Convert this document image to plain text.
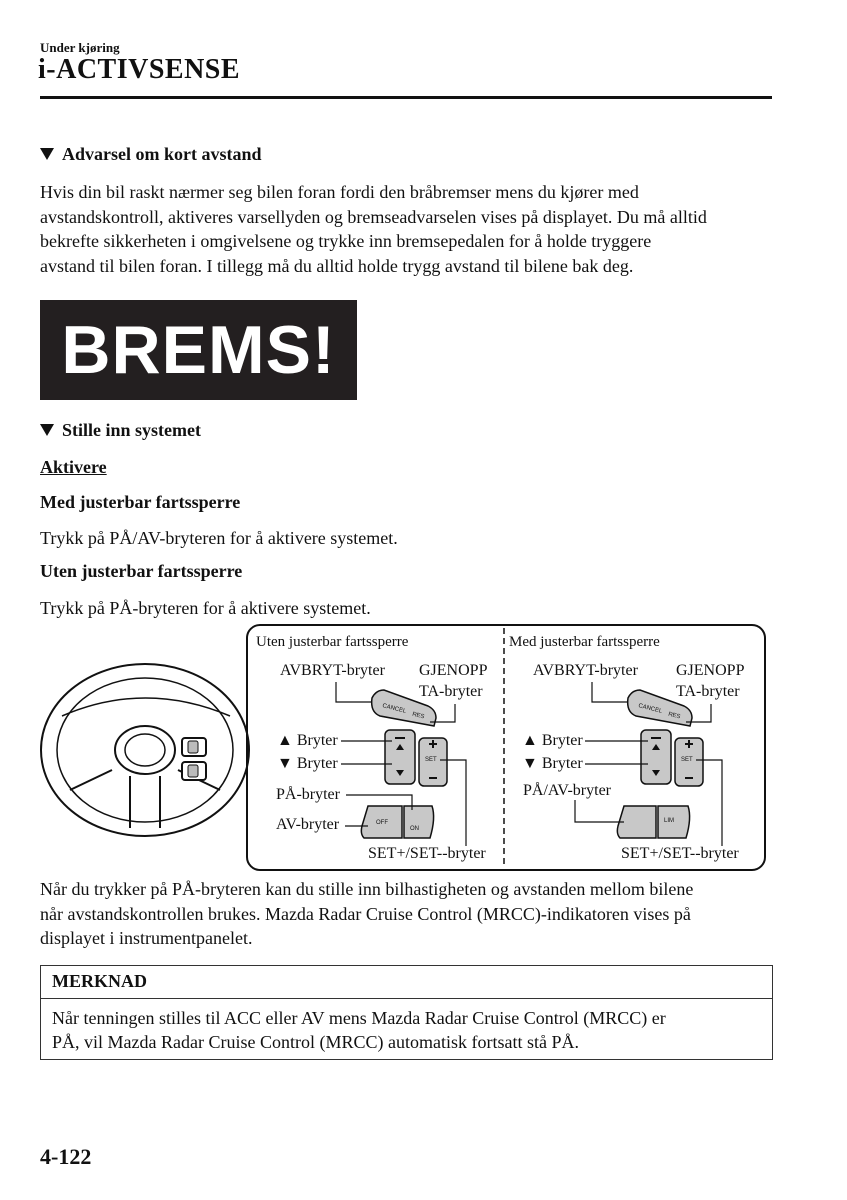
Under kjøring
i-ACTIVSENSE
Advarsel om kort avstand
Hvis din bil raskt nærmer seg bilen foran fordi den bråbremser mens du kjører med
avstandskontroll, aktiveres varsellyden og bremseadvarselen vises på displayet. Du må alltid
bekrefte sikkerheten i omgivelsene og trykke inn bremsepedalen for å holde tryggere
avstand til bilen foran. I tillegg må du alltid holde trygg avstand til bilene bak deg.
BREMS!
Stille inn systemet
Aktivere
Med justerbar fartssperre
Trykk på PÅ/AV-bryteren for å aktivere systemet.
Uten justerbar fartssperre
Trykk på PÅ-bryteren for å aktivere systemet.
Uten justerbar fartssperre
AVBRYT-bryter GJENOPP
TA-bryter
▲ Bryter
▼ Bryter
PÅ-bryter
AV-bryter
SET+/SET--bryter
CANCEL
RES
SET
OFF
ON
Med justerbar fartssperre
AVBRYT-bryter GJENOPP
TA-bryter
▲ Bryter
▼ Bryter
PÅ/AV-bryter
SET+/SET--bryter
CANCEL
RES
SET
LIM
Når du trykker på PÅ-bryteren kan du stille inn bilhastigheten og avstanden mellom bilene
når avstandskontrollen brukes. Mazda Radar Cruise Control (MRCC)-indikatoren vises på
displayet i instrumentpanelet.
MERKNAD
Når tenningen stilles til ACC eller AV mens Mazda Radar Cruise Control (MRCC) er
PÅ, vil Mazda Radar Cruise Control (MRCC) automatisk fortsatt stå PÅ.
4-122
